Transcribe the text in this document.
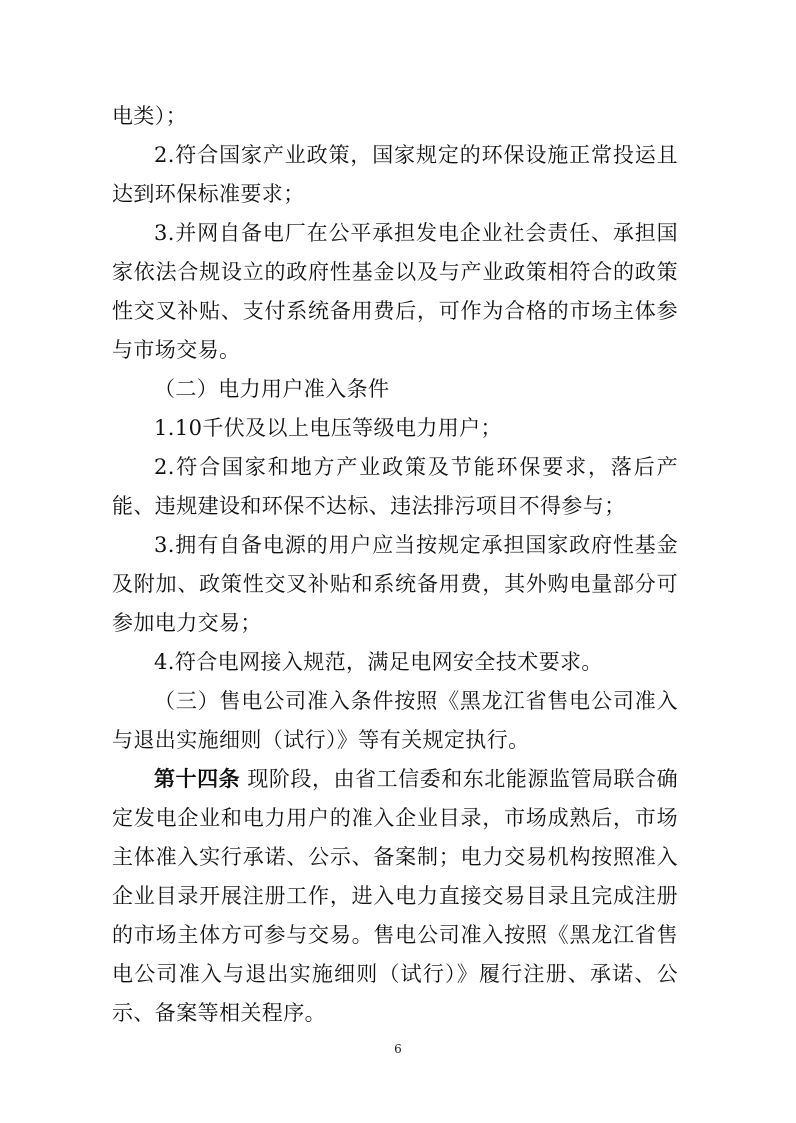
电类）；

2.符合国家产业政策，国家规定的环保设施正常投运且达到环保标准要求；

3.并网自备电厂在公平承担发电企业社会责任、承担国家依法合规设立的政府性基金以及与产业政策相符合的政策性交叉补贴、支付系统备用费后，可作为合格的市场主体参与市场交易。

（二）电力用户准入条件

1.10千伏及以上电压等级电力用户；

2.符合国家和地方产业政策及节能环保要求，落后产能、违规建设和环保不达标、违法排污项目不得参与；

3.拥有自备电源的用户应当按规定承担国家政府性基金及附加、政策性交叉补贴和系统备用费，其外购电量部分可参加电力交易；

4.符合电网接入规范，满足电网安全技术要求。

（三）售电公司准入条件按照《黑龙江省售电公司准入与退出实施细则（试行）》等有关规定执行。

第十四条 现阶段，由省工信委和东北能源监管局联合确定发电企业和电力用户的准入企业目录，市场成熟后，市场主体准入实行承诺、公示、备案制；电力交易机构按照准入企业目录开展注册工作，进入电力直接交易目录且完成注册的市场主体方可参与交易。售电公司准入按照《黑龙江省售电公司准入与退出实施细则（试行）》履行注册、承诺、公示、备案等相关程序。

6
